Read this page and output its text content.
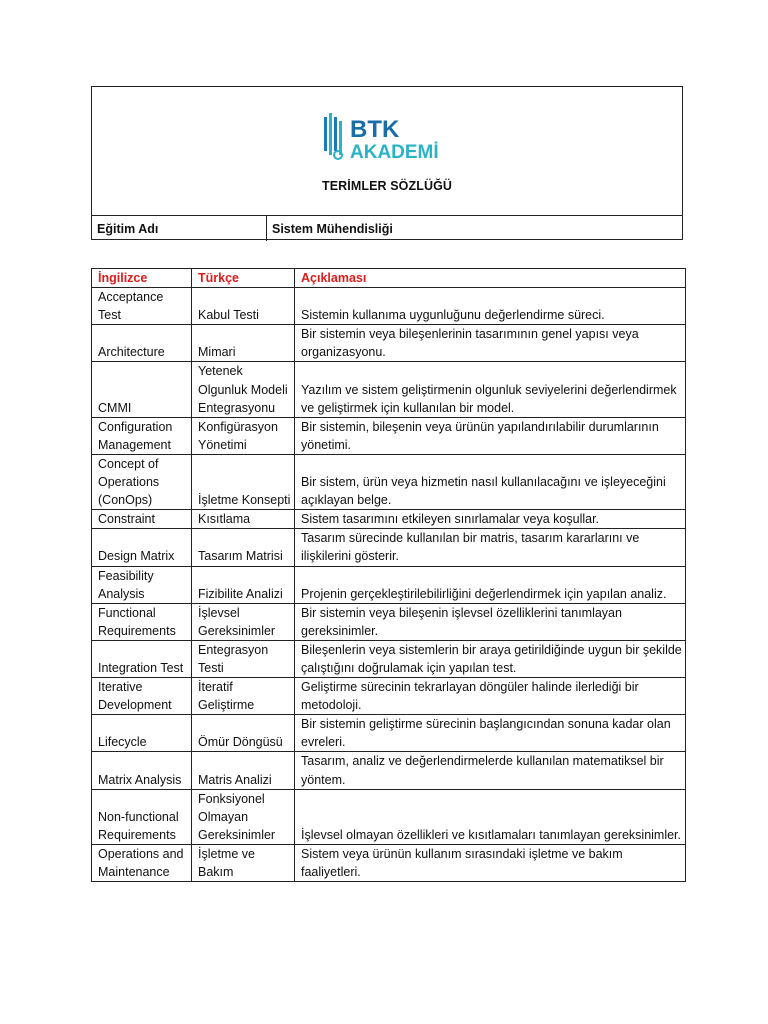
BTK
AKADEMİ
TERİMLER SÖZLÜĞÜ
Eğitim Adı	Sistem Mühendisliği
İngilizce	Türkçe	Açıklaması
Acceptance Test	Kabul Testi	Sistemin kullanıma uygunluğunu değerlendirme süreci.
Architecture	Mimari	Bir sistemin veya bileşenlerinin tasarımının genel yapısı veya organizasyonu.
CMMI	Yetenek Olgunluk Modeli Entegrasyonu	Yazılım ve sistem geliştirmenin olgunluk seviyelerini değerlendirmek ve geliştirmek için kullanılan bir model.
Configuration Management	Konfigürasyon Yönetimi	Bir sistemin, bileşenin veya ürünün yapılandırılabilir durumlarının yönetimi.
Concept of Operations (ConOps)	İşletme Konsepti	Bir sistem, ürün veya hizmetin nasıl kullanılacağını ve işleyeceğini açıklayan belge.
Constraint	Kısıtlama	Sistem tasarımını etkileyen sınırlamalar veya koşullar.
Design Matrix	Tasarım Matrisi	Tasarım sürecinde kullanılan bir matris, tasarım kararlarını ve ilişkilerini gösterir.
Feasibility Analysis	Fizibilite Analizi	Projenin gerçekleştirilebilirliğini değerlendirmek için yapılan analiz.
Functional Requirements	İşlevsel Gereksinimler	Bir sistemin veya bileşenin işlevsel özelliklerini tanımlayan gereksinimler.
Integration Test	Entegrasyon Testi	Bileşenlerin veya sistemlerin bir araya getirildiğinde uygun bir şekilde çalıştığını doğrulamak için yapılan test.
Iterative Development	İteratif Geliştirme	Geliştirme sürecinin tekrarlayan döngüler halinde ilerlediği bir metodoloji.
Lifecycle	Ömür Döngüsü	Bir sistemin geliştirme sürecinin başlangıcından sonuna kadar olan evreleri.
Matrix Analysis	Matris Analizi	Tasarım, analiz ve değerlendirmelerde kullanılan matematiksel bir yöntem.
Non-functional Requirements	Fonksiyonel Olmayan Gereksinimler	İşlevsel olmayan özellikleri ve kısıtlamaları tanımlayan gereksinimler.
Operations and Maintenance	İşletme ve Bakım	Sistem veya ürünün kullanım sırasındaki işletme ve bakım faaliyetleri.
